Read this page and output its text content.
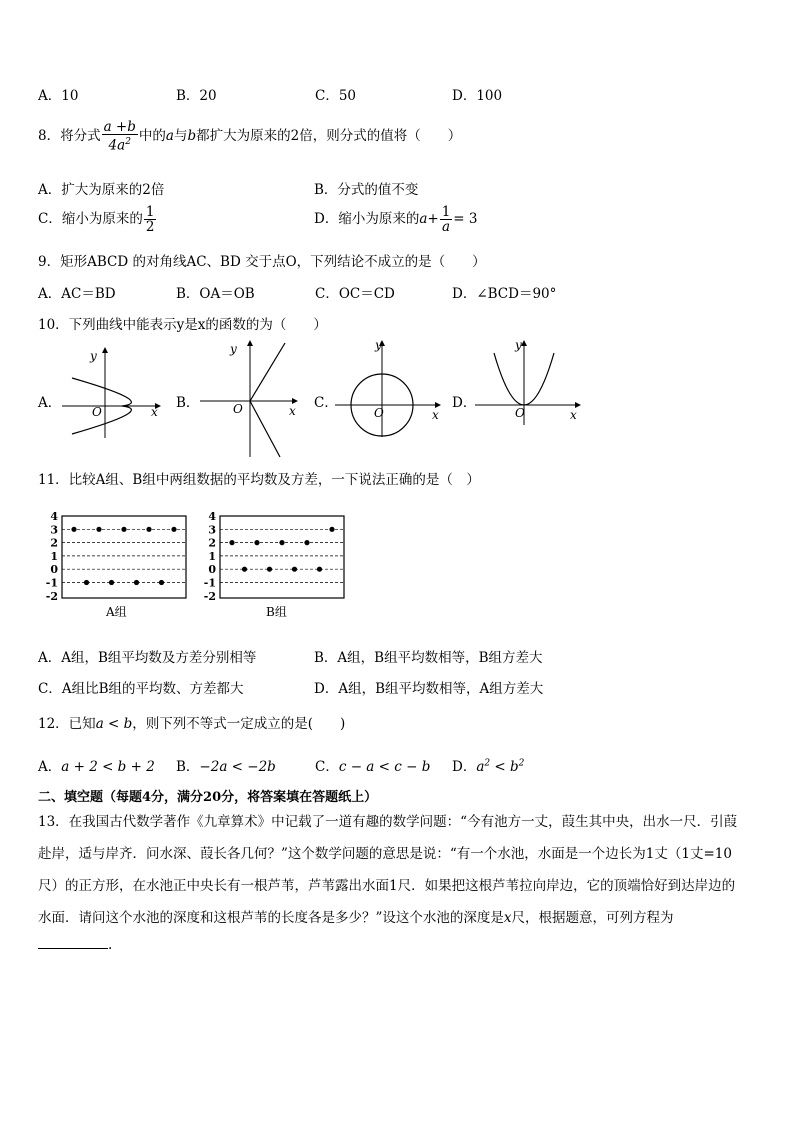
A．10	B．20	C．50	D．100
8．将分式 $\frac{a +b}{4a^2}$ 中的a与b都扩大为原来的2倍，则分式的值将（　　）
A．扩大为原来的2倍	B．分式的值不变
C．缩小为原来的 $\frac{1}{2}$	D．缩小为原来的$a+ \frac{1}{a} = 3$
9．矩形ABCD 的对角线AC、BD 交于点O，下列结论不成立的是（　　）
A．AC＝BD	B．OA＝OB	C．OC＝CD	D．∠BCD＝90°
10．下列曲线中能表示y是x的函数的为（　　）
A．	B．	C．	D．
y
x
O
y
x
O
y
x
O
y
x
O
11．比较A组、B组中两组数据的平均数及方差，一下说法正确的是（　）
4
3
2
1
0
-1
-2
A组
4
3
2
1
0
-1
-2
B组
A．A组，B组平均数及方差分别相等	B．A组，B组平均数相等，B组方差大
C．A组比B组的平均数、方差都大	D．A组，B组平均数相等，A组方差大
12．已知a < b，则下列不等式一定成立的是(　　)
A．a + 2 < b + 2 B．−2a < −2b	C．c − a < c − b D．$a^2 < b^2$
二、填空题（每题4分，满分20分，将答案填在答题纸上）
13．在我国古代数学著作《九章算术》中记载了一道有趣的数学问题：“今有池方一丈，葭生其中央，出水一尺．引葭
赴岸，适与岸齐．问水深、葭长各几何？”这个数学问题的意思是说：“有一个水池，水面是一个边长为1丈（1丈=10
尺）的正方形，在水池正中央长有一根芦苇，芦苇露出水面1尺．如果把这根芦苇拉向岸边，它的顶端恰好到达岸边的
水面．请问这个水池的深度和这根芦苇的长度各是多少？”设这个水池的深度是x尺，根据题意，可列方程为
.
